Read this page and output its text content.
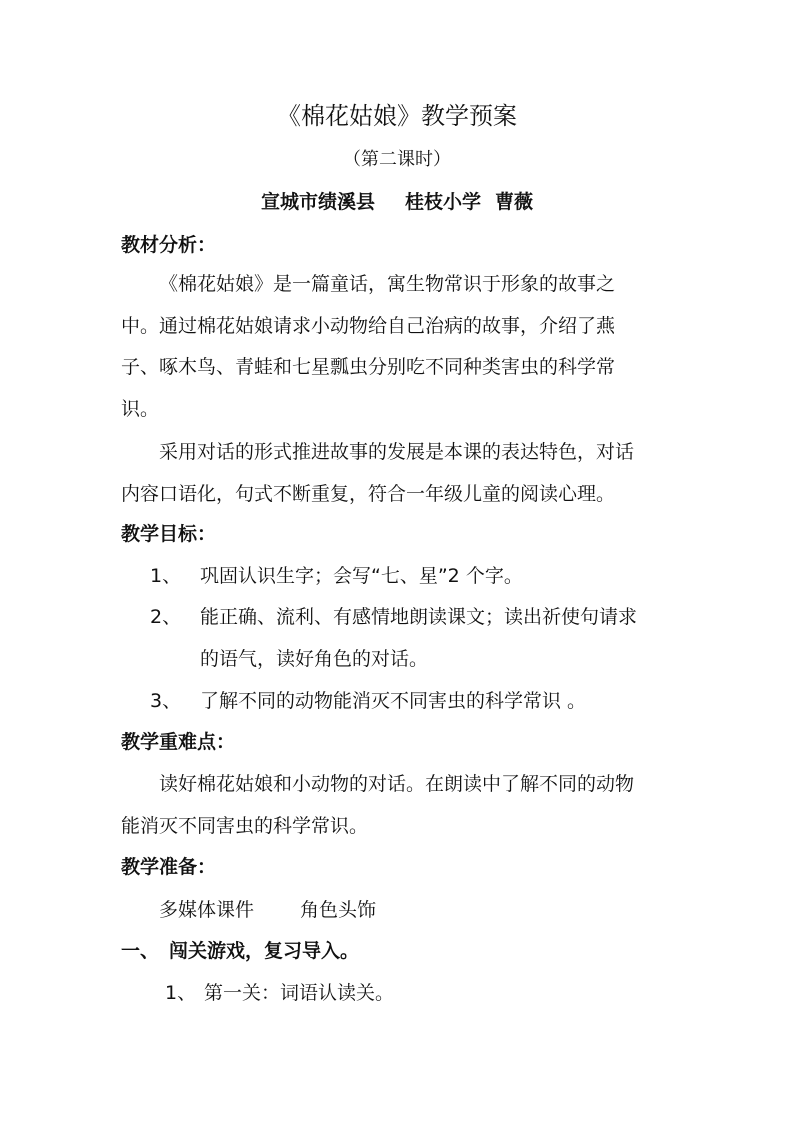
《棉花姑娘》教学预案
（第二课时）
宣城市绩溪县 桂枝小学 曹薇
教材分析：
《棉花姑娘》是一篇童话，寓生物常识于形象的故事之
中。通过棉花姑娘请求小动物给自己治病的故事，介绍了燕
子、啄木鸟、青蛙和七星瓢虫分别吃不同种类害虫的科学常
识。
采用对话的形式推进故事的发展是本课的表达特色，对话
内容口语化，句式不断重复，符合一年级儿童的阅读心理。
教学目标：
1、 巩固认识生字；会写“七、星”2 个字。
2、 能正确、流利、有感情地朗读课文；读出祈使句请求
的语气，读好角色的对话。
3、 了解不同的动物能消灭不同害虫的科学常识 。
教学重难点：
读好棉花姑娘和小动物的对话。在朗读中了解不同的动物
能消灭不同害虫的科学常识。
教学准备：
多媒体课件 角色头饰
一、 闯关游戏，复习导入。
1、 第一关：词语认读关。
